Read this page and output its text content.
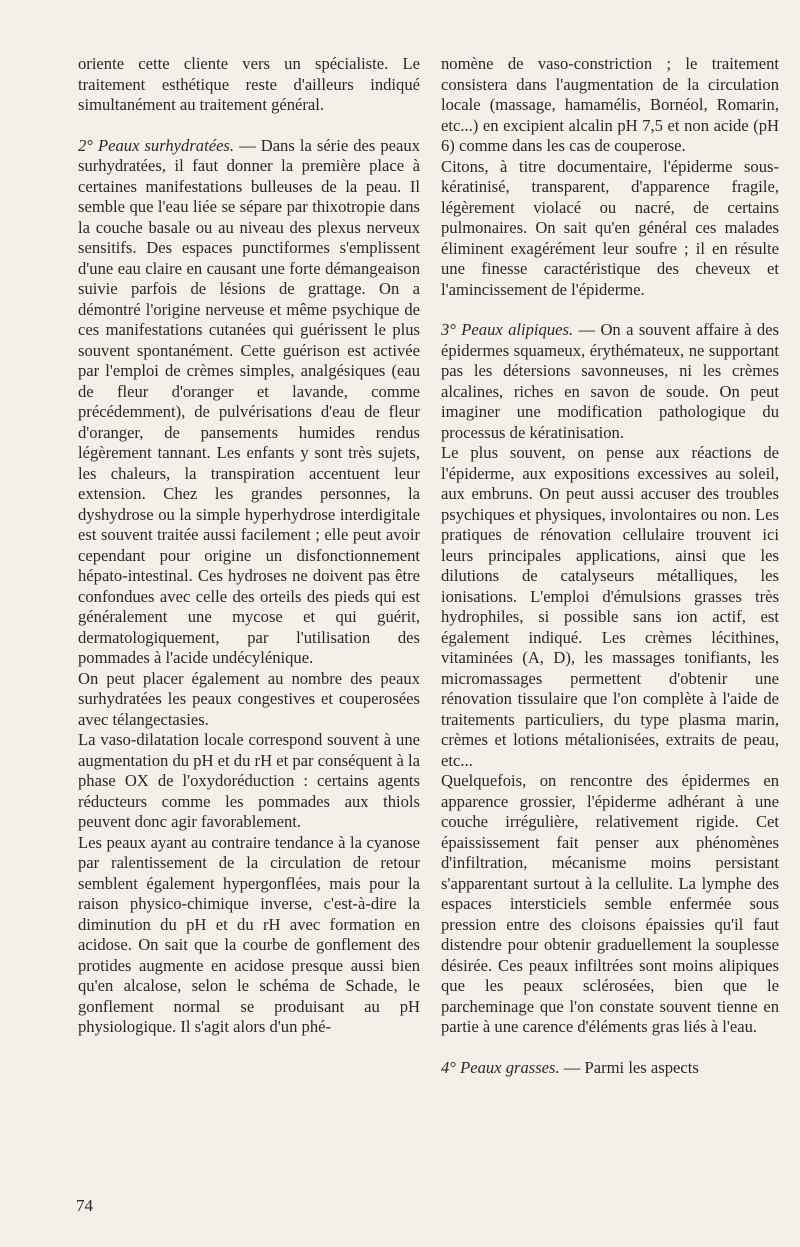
oriente cette cliente vers un spécialiste. Le traitement esthétique reste d'ailleurs indiqué simultanément au traitement général.

2° Peaux surhydratées. — Dans la série des peaux surhydratées, il faut donner la première place à certaines manifestations bulleuses de la peau. Il semble que l'eau liée se sépare par thixotropie dans la couche basale ou au niveau des plexus nerveux sensitifs. Des espaces punctiformes s'emplissent d'une eau claire en causant une forte démangeaison suivie parfois de lésions de grattage. On a démontré l'origine nerveuse et même psychique de ces manifestations cutanées qui guérissent le plus souvent spontanément. Cette guérison est activée par l'emploi de crèmes simples, analgésiques (eau de fleur d'oranger et lavande, comme précédemment), de pulvérisations d'eau de fleur d'oranger, de pansements humides rendus légèrement tannant. Les enfants y sont très sujets, les chaleurs, la transpiration accentuent leur extension. Chez les grandes personnes, la dyshydrose ou la simple hyperhydrose interdigitale est souvent traitée aussi facilement ; elle peut avoir cependant pour origine un disfonctionnement hépato-intestinal. Ces hydroses ne doivent pas être confondues avec celle des orteils des pieds qui est généralement une mycose et qui guérit, dermatologiquement, par l'utilisation des pommades à l'acide undécylénique.

On peut placer également au nombre des peaux surhydratées les peaux congestives et couperosées avec télangectasies.

La vaso-dilatation locale correspond souvent à une augmentation du pH et du rH et par conséquent à la phase OX de l'oxydoréduction : certains agents réducteurs comme les pommades aux thiols peuvent donc agir favorablement.

Les peaux ayant au contraire tendance à la cyanose par ralentissement de la circulation de retour semblent également hypergonflées, mais pour la raison physico-chimique inverse, c'est-à-dire la diminution du pH et du rH avec formation en acidose. On sait que la courbe de gonflement des protides augmente en acidose presque aussi bien qu'en alcalose, selon le schéma de Schade, le gonflement normal se produisant au pH physiologique. Il s'agit alors d'un phé-

nomène de vaso-constriction ; le traitement consistera dans l'augmentation de la circulation locale (massage, hamamélis, Bornéol, Romarin, etc...) en excipient alcalin pH 7,5 et non acide (pH 6) comme dans les cas de couperose.

Citons, à titre documentaire, l'épiderme sous-kératinisé, transparent, d'apparence fragile, légèrement violacé ou nacré, de certains pulmonaires. On sait qu'en général ces malades éliminent exagérément leur soufre ; il en résulte une finesse caractéristique des cheveux et l'amincissement de l'épiderme.

3° Peaux alipiques. — On a souvent affaire à des épidermes squameux, érythémateux, ne supportant pas les détersions savonneuses, ni les crèmes alcalines, riches en savon de soude. On peut imaginer une modification pathologique du processus de kératinisation.

Le plus souvent, on pense aux réactions de l'épiderme, aux expositions excessives au soleil, aux embruns. On peut aussi accuser des troubles psychiques et physiques, involontaires ou non. Les pratiques de rénovation cellulaire trouvent ici leurs principales applications, ainsi que les dilutions de catalyseurs métalliques, les ionisations. L'emploi d'émulsions grasses très hydrophiles, si possible sans ion actif, est également indiqué. Les crèmes lécithines, vitaminées (A, D), les massages tonifiants, les micromassages permettent d'obtenir une rénovation tissulaire que l'on complète à l'aide de traitements particuliers, du type plasma marin, crèmes et lotions métalionisées, extraits de peau, etc...

Quelquefois, on rencontre des épidermes en apparence grossier, l'épiderme adhérant à une couche irrégulière, relativement rigide. Cet épaississement fait penser aux phénomènes d'infiltration, mécanisme moins persistant s'apparentant surtout à la cellulite. La lymphe des espaces intersticiels semble enfermée sous pression entre des cloisons épaissies qu'il faut distendre pour obtenir graduellement la souplesse désirée. Ces peaux infiltrées sont moins alipiques que les peaux sclérosées, bien que le parcheminage que l'on constate souvent tienne en partie à une carence d'éléments gras liés à l'eau.

4° Peaux grasses. — Parmi les aspects

74
